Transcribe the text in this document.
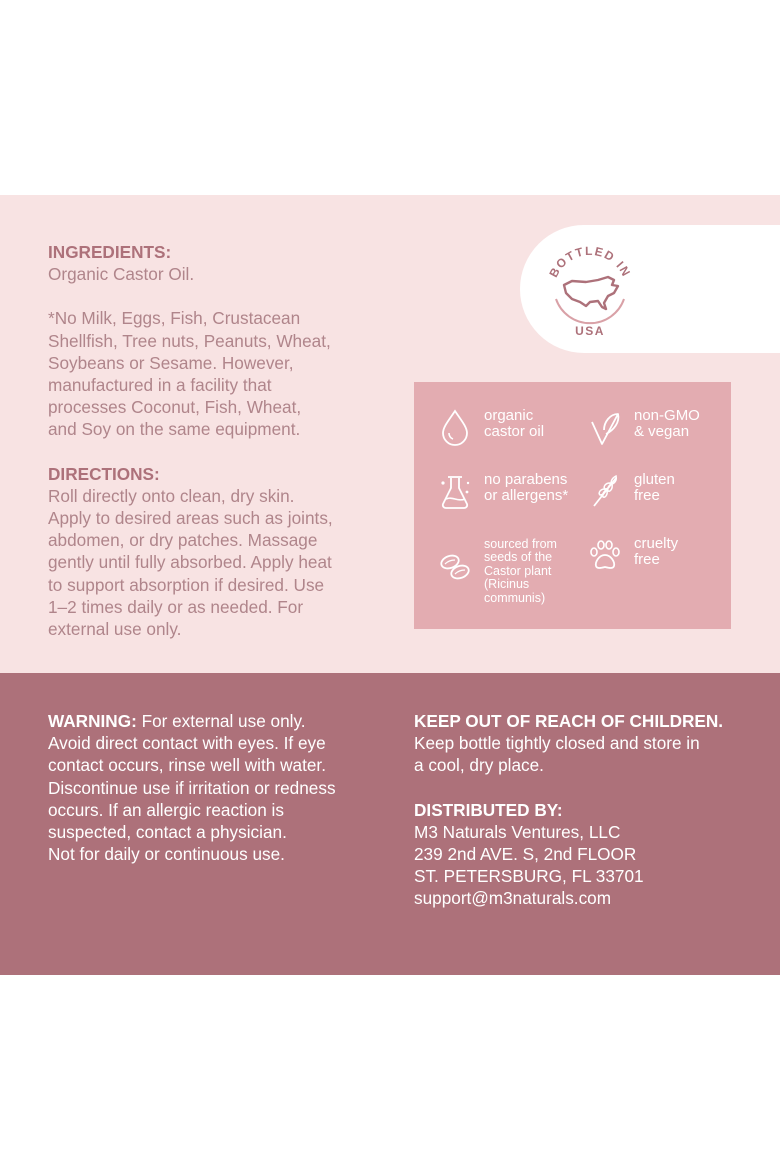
INGREDIENTS:
Organic Castor Oil.
*No Milk, Eggs, Fish, Crustacean
Shellfish, Tree nuts, Peanuts, Wheat,
Soybeans or Sesame. However,
manufactured in a facility that
processes Coconut, Fish, Wheat,
and Soy on the same equipment.
DIRECTIONS:
Roll directly onto clean, dry skin.
Apply to desired areas such as joints,
abdomen, or dry patches. Massage
gently until fully absorbed. Apply heat
to support absorption if desired. Use
1–2 times daily or as needed. For
external use only.
BOTTLED IN
USA
organic
castor oil
non-GMO
& vegan
no parabens
or allergens*
gluten
free
sourced from
seeds of the
Castor plant
(Ricinus
communis)
cruelty
free
WARNING: For external use only.
Avoid direct contact with eyes. If eye
contact occurs, rinse well with water.
Discontinue use if irritation or redness
occurs. If an allergic reaction is
suspected, contact a physician.
Not for daily or continuous use.
KEEP OUT OF REACH OF CHILDREN.
Keep bottle tightly closed and store in
a cool, dry place.
DISTRIBUTED BY:
M3 Naturals Ventures, LLC
239 2nd AVE. S, 2nd FLOOR
ST. PETERSBURG, FL 33701
support@m3naturals.com
